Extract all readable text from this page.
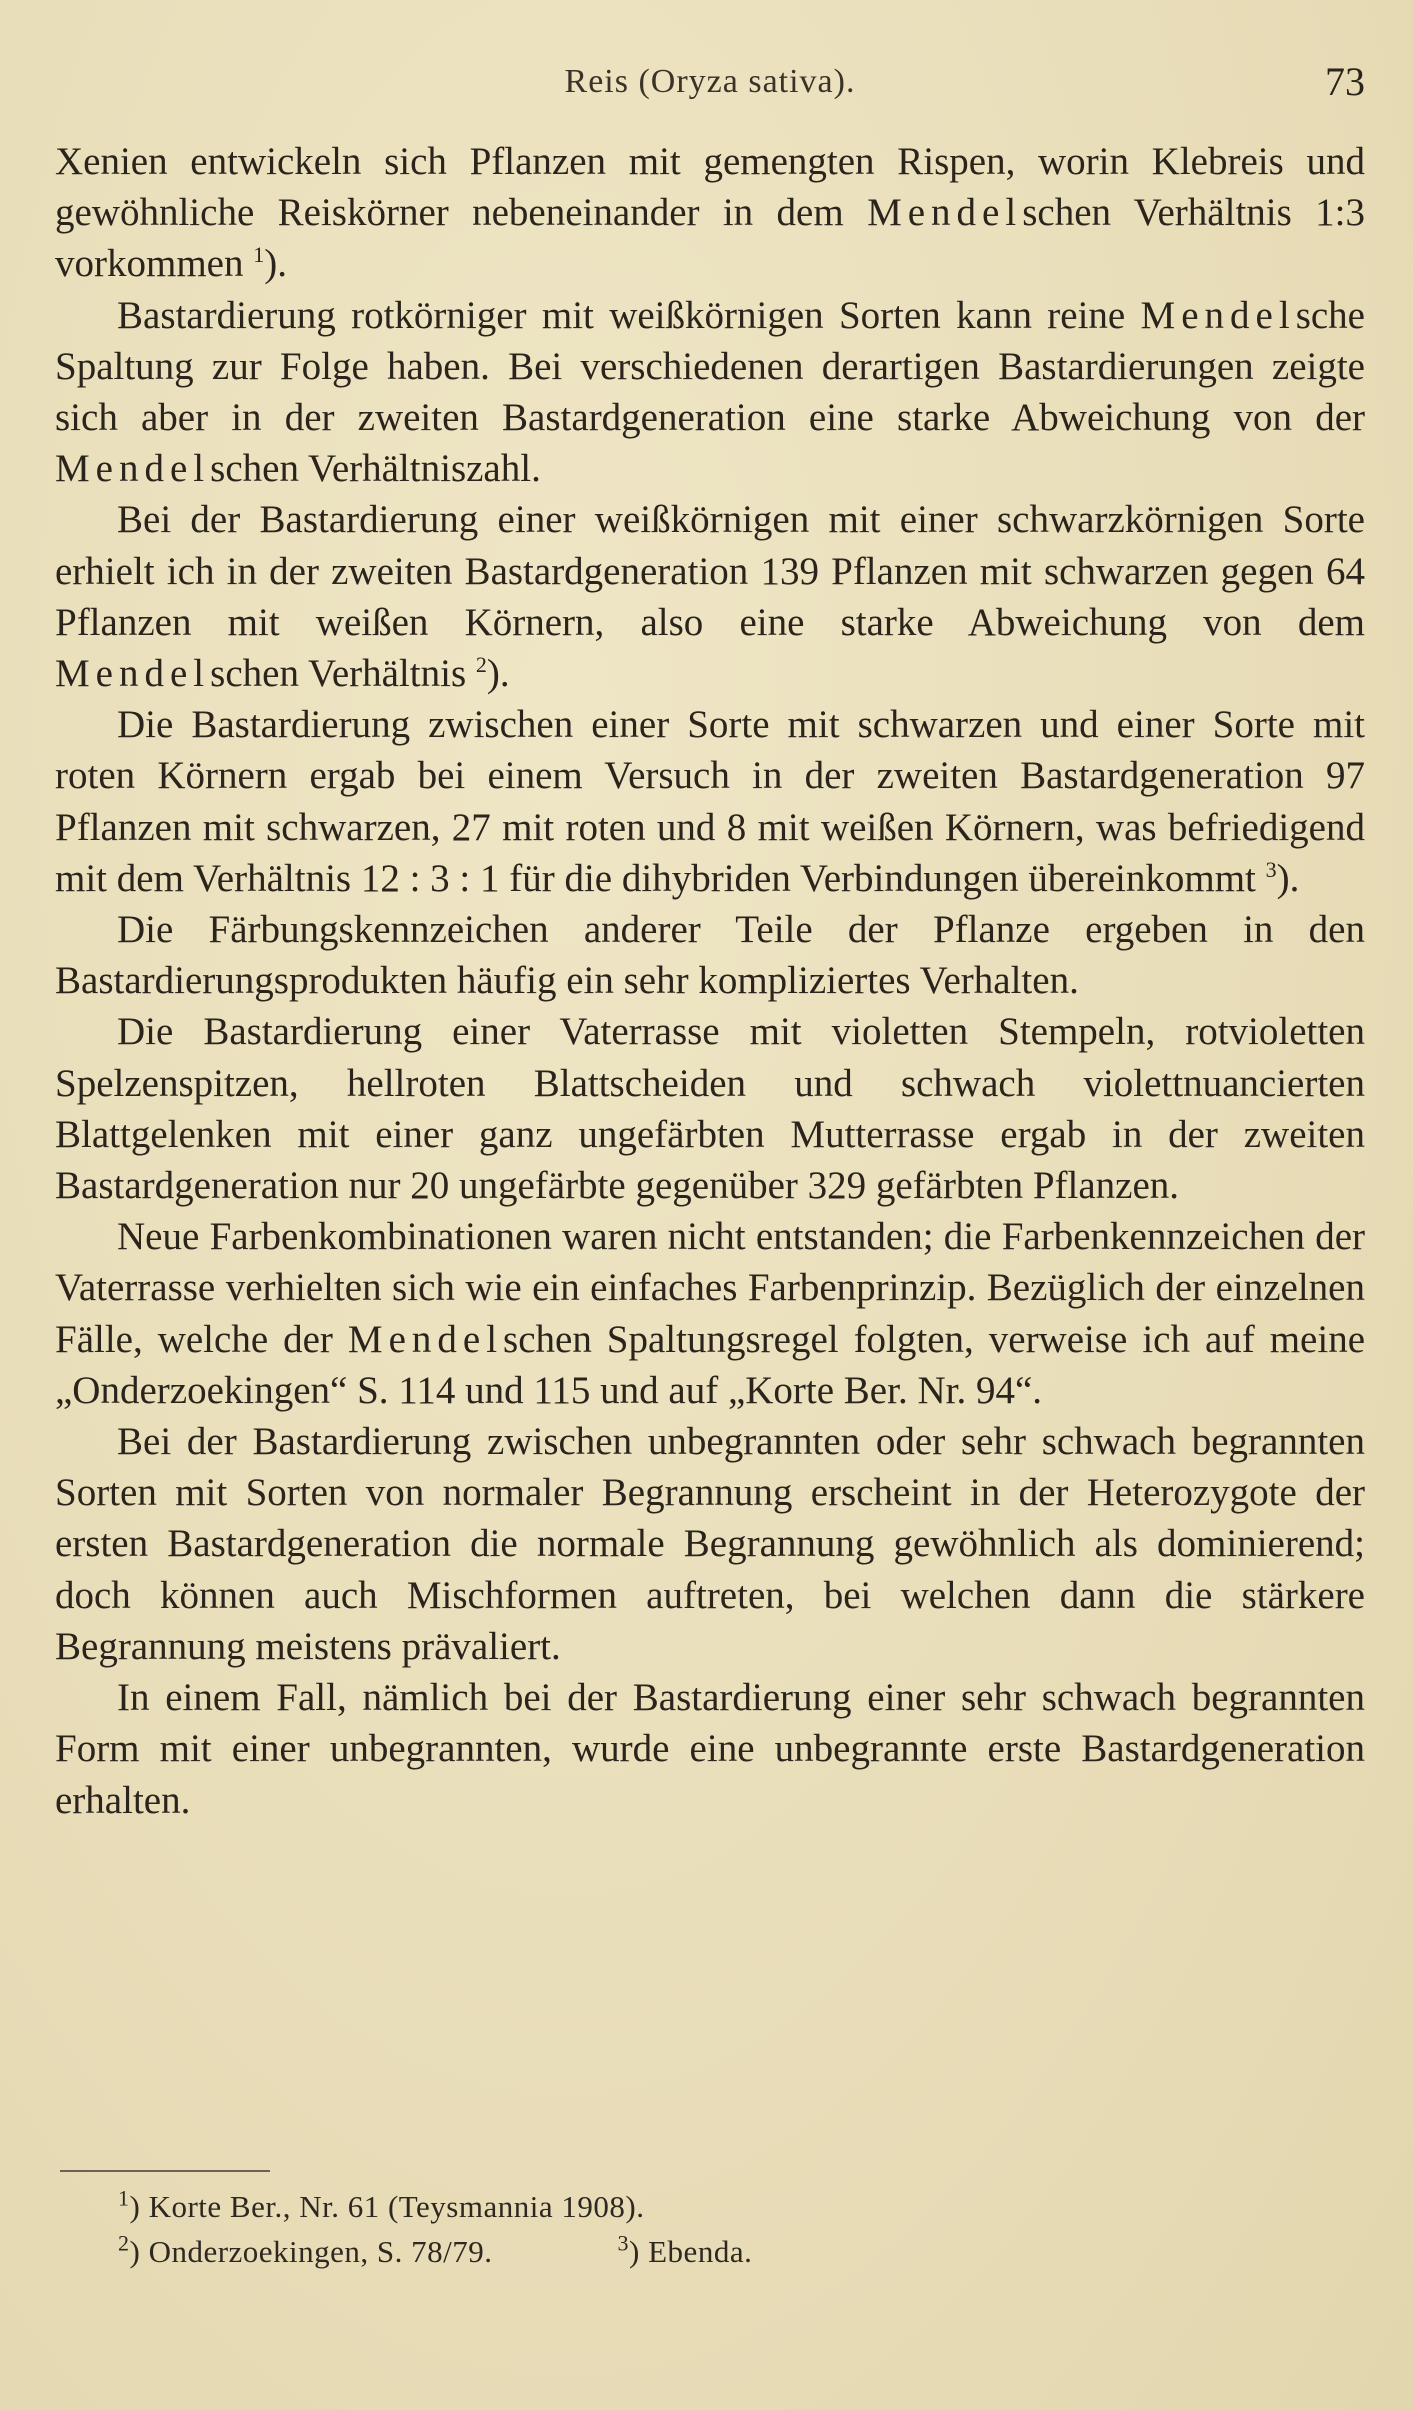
Reis (Oryza sativa).	73

Xenien entwickeln sich Pflanzen mit gemengten Rispen, worin Klebreis und gewöhnliche Reiskörner nebeneinander in dem Mendelschen Verhältnis 1:3 vorkommen $^1$).

Bastardierung rotkörniger mit weißkörnigen Sorten kann reine Mendelsche Spaltung zur Folge haben. Bei verschiedenen derartigen Bastardierungen zeigte sich aber in der zweiten Bastardgeneration eine starke Abweichung von der Mendelschen Verhältniszahl.

Bei der Bastardierung einer weißkörnigen mit einer schwarzkörnigen Sorte erhielt ich in der zweiten Bastardgeneration 139 Pflanzen mit schwarzen gegen 64 Pflanzen mit weißen Körnern, also eine starke Abweichung von dem Mendelschen Verhältnis $^2$).

Die Bastardierung zwischen einer Sorte mit schwarzen und einer Sorte mit roten Körnern ergab bei einem Versuch in der zweiten Bastardgeneration 97 Pflanzen mit schwarzen, 27 mit roten und 8 mit weißen Körnern, was befriedigend mit dem Verhältnis 12 : 3 : 1 für die dihybriden Verbindungen übereinkommt $^3$).

Die Färbungskennzeichen anderer Teile der Pflanze ergeben in den Bastardierungsprodukten häufig ein sehr kompliziertes Verhalten.

Die Bastardierung einer Vaterrasse mit violetten Stempeln, rotvioletten Spelzenspitzen, hellroten Blattscheiden und schwach violettnuancierten Blattgelenken mit einer ganz ungefärbten Mutterrasse ergab in der zweiten Bastardgeneration nur 20 ungefärbte gegenüber 329 gefärbten Pflanzen.

Neue Farbenkombinationen waren nicht entstanden; die Farbenkennzeichen der Vaterrasse verhielten sich wie ein einfaches Farbenprinzip. Bezüglich der einzelnen Fälle, welche der Mendelschen Spaltungsregel folgten, verweise ich auf meine „Onderzoekingen“ S. 114 und 115 und auf „Korte Ber. Nr. 94“.

Bei der Bastardierung zwischen unbegrannten oder sehr schwach begrannten Sorten mit Sorten von normaler Begrannung erscheint in der Heterozygote der ersten Bastardgeneration die normale Begrannung gewöhnlich als dominierend; doch können auch Mischformen auftreten, bei welchen dann die stärkere Begrannung meistens prävaliert.

In einem Fall, nämlich bei der Bastardierung einer sehr schwach begrannten Form mit einer unbegrannten, wurde eine unbegrannte erste Bastardgeneration erhalten.

$^1$) Korte Ber., Nr. 61 (Teysmannia 1908).
$^2$) Onderzoekingen, S. 78/79.	$^3$) Ebenda.
